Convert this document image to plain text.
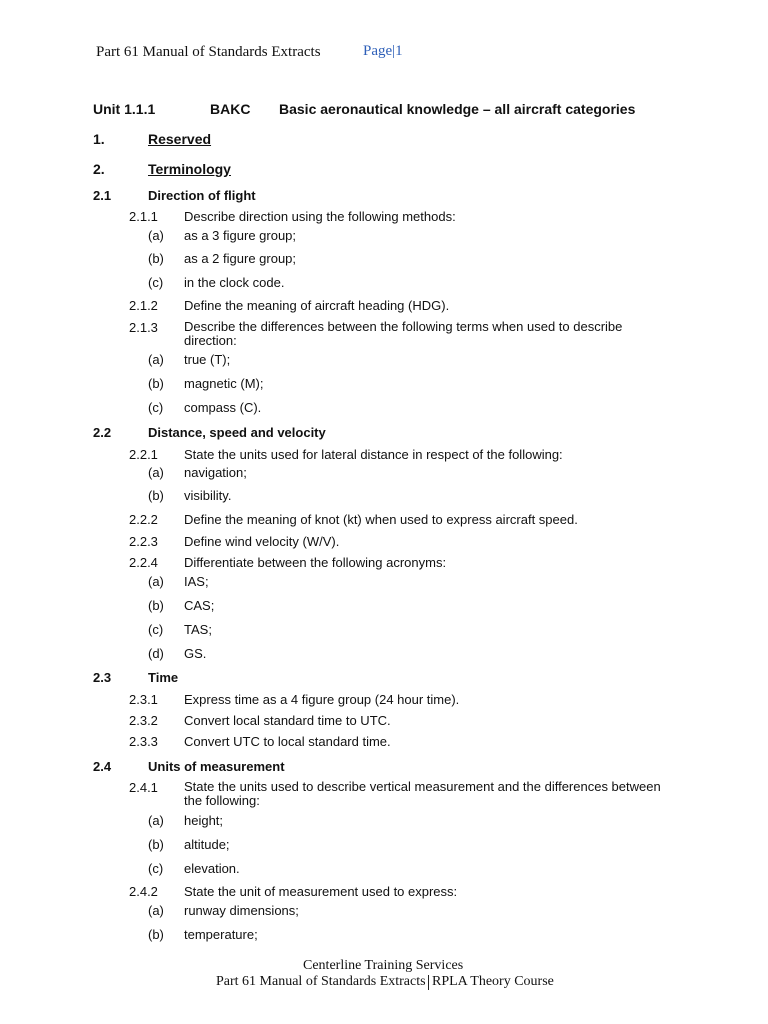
Part 61 Manual of Standards Extracts	Page|1
Unit 1.1.1	BAKC Basic aeronautical knowledge – all aircraft categories
1.	Reserved
2.	Terminology
2.1	Direction of flight
2.1.1 Describe direction using the following methods:
(a) as a 3 figure group;
(b) as a 2 figure group;
(c) in the clock code.
2.1.2 Define the meaning of aircraft heading (HDG).
2.1.3 Describe the differences between the following terms when used to describe direction:
(a) true (T);
(b) magnetic (M);
(c) compass (C).
2.2	Distance, speed and velocity
2.2.1 State the units used for lateral distance in respect of the following:
(a) navigation;
(b) visibility.
2.2.2 Define the meaning of knot (kt) when used to express aircraft speed.
2.2.3 Define wind velocity (W/V).
2.2.4 Differentiate between the following acronyms:
(a) IAS;
(b) CAS;
(c) TAS;
(d) GS.
2.3	Time
2.3.1 Express time as a 4 figure group (24 hour time).
2.3.2 Convert local standard time to UTC.
2.3.3 Convert UTC to local standard time.
2.4	Units of measurement
2.4.1 State the units used to describe vertical measurement and the differences between the following:
(a) height;
(b) altitude;
(c) elevation.
2.4.2 State the unit of measurement used to express:
(a) runway dimensions;
(b) temperature;
Centerline Training Services
Part 61 Manual of Standards Extracts RPLA Theory Course
